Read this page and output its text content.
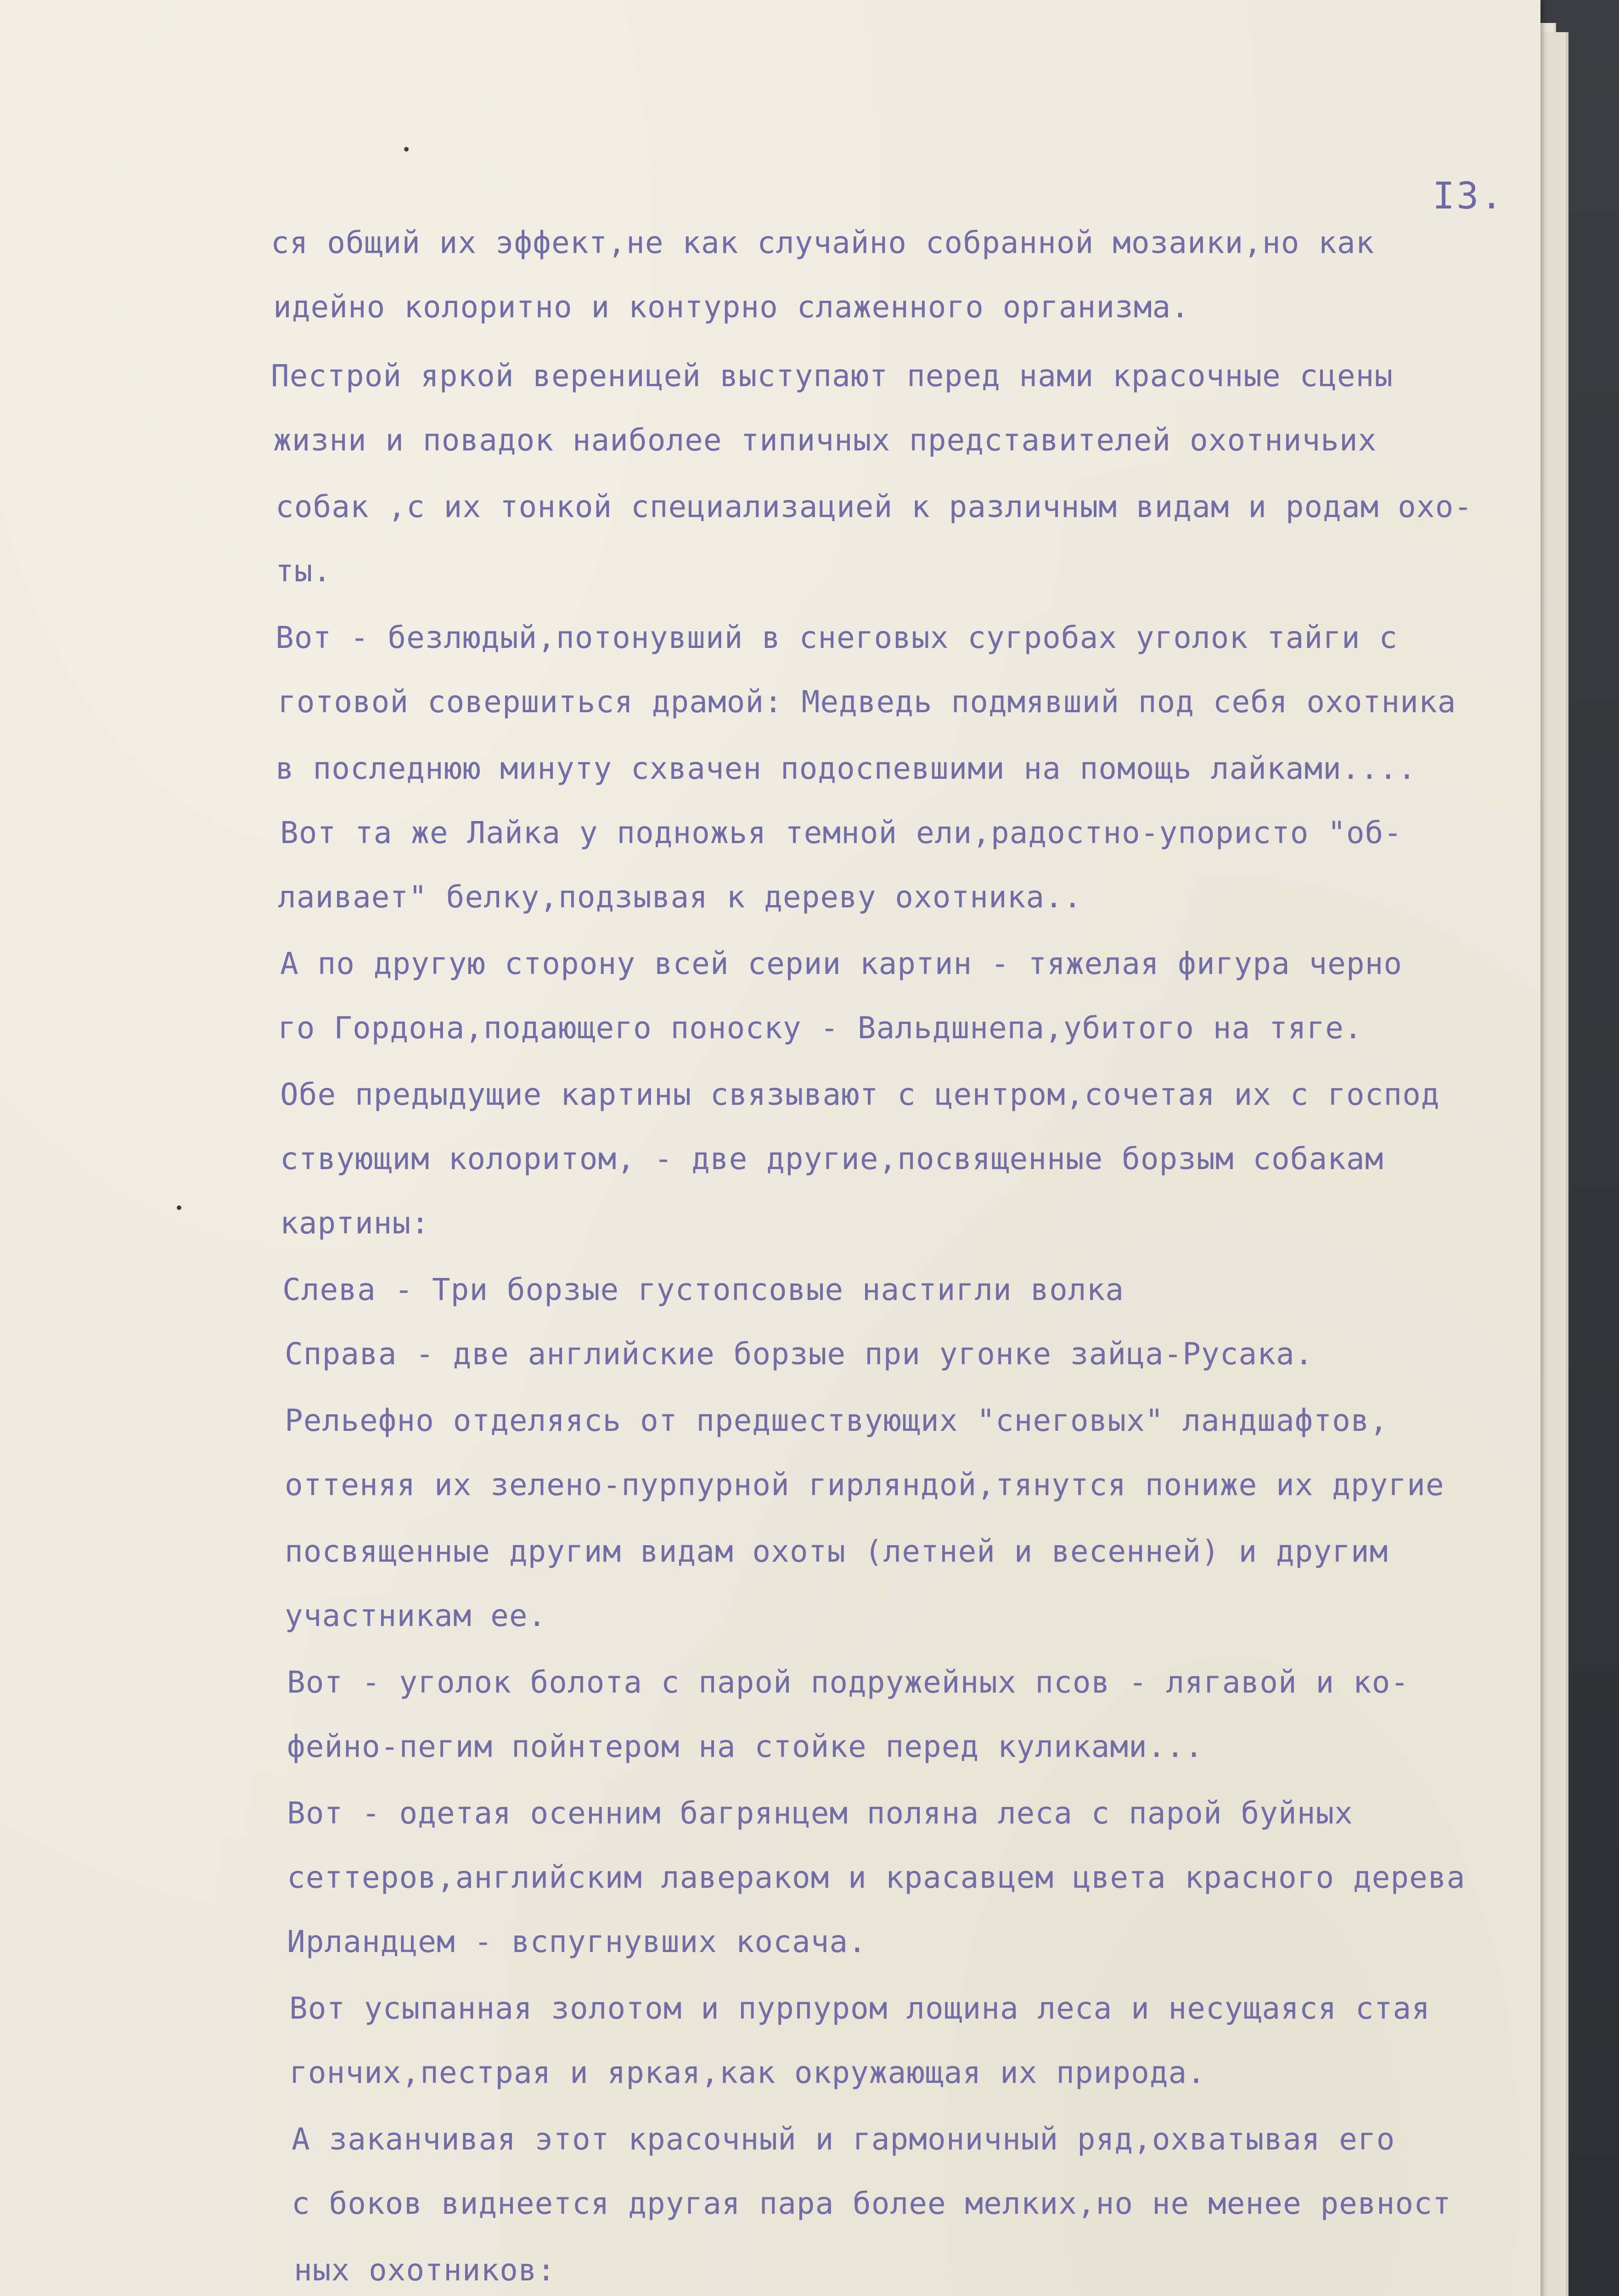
I3.
ся общий их эффект,не как случайно собранной мозаики,но как
идейно колоритно и контурно слаженного организма.
Пестрой яркой вереницей выступают перед нами красочные сцены
жизни и повадок наиболее типичных представителей охотничьих
собак ,с их тонкой специализацией к различным видам и родам охо-
ты.
Вот - безлюдый,потонувший в снеговых сугробах уголок тайги с
готовой совершиться драмой: Медведь подмявший под себя охотника
в последнюю минуту схвачен подоспевшими на помощь лайками....
Вот та же Лайка у подножья темной ели,радостно-упористо "об-
лаивает" белку,подзывая к дереву охотника..
А по другую сторону всей серии картин - тяжелая фигура черно
го Гордона,подающего поноску - Вальдшнепа,убитого на тяге.
Обе предыдущие картины связывают с центром,сочетая их с господ
ствующим колоритом, - две другие,посвященные борзым собакам
картины:
Слева - Три борзые густопсовые настигли волка
Справа - две английские борзые при угонке зайца-Русака.
Рельефно отделяясь от предшествующих "снеговых" ландшафтов,
оттеняя их зелено-пурпурной гирляндой,тянутся пониже их другие
посвященные другим видам охоты (летней и весенней) и другим
участникам ее.
Вот - уголок болота с парой подружейных псов - лягавой и ко-
фейно-пегим пойнтером на стойке перед куликами...
Вот - одетая осенним багрянцем поляна леса с парой буйных
сеттеров,английским лавераком и красавцем цвета красного дерева
Ирландцем - вспугнувших косача.
Вот усыпанная золотом и пурпуром лощина леса и несущаяся стая
гончих,пестрая и яркая,как окружающая их природа.
А заканчивая этот красочный и гармоничный ряд,охватывая его
с боков виднеется другая пара более мелких,но не менее ревност
ных охотников:
